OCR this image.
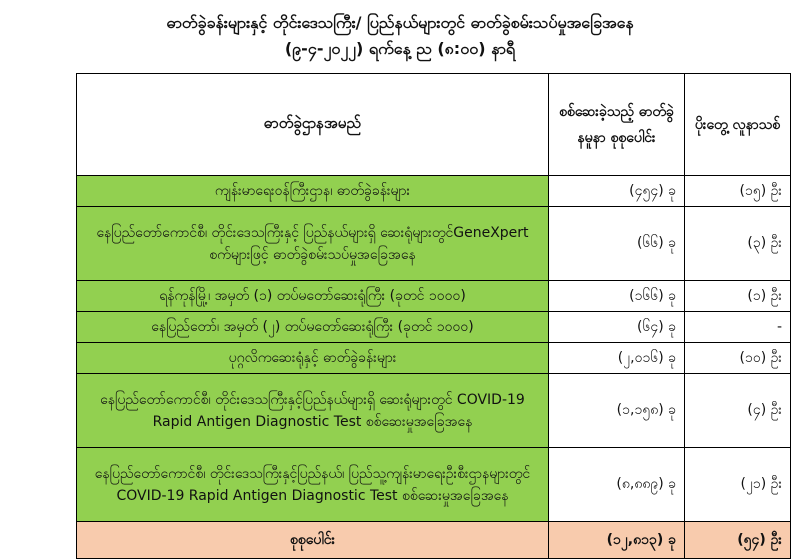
ဓာတ်ခွဲခန်းများနှင့် တိုင်းဒေသကြီး/ ပြည်နယ်များတွင် ဓာတ်ခွဲစမ်းသပ်မှုအခြေအနေ
(၉-၄-၂၀၂၂) ရက်နေ့ ည (၈:၀၀) နာရီ
ဓာတ်ခွဲဌာနအမည်	စစ်ဆေးခဲ့သည့် ဓာတ်ခွဲနမူနာ စုစုပေါင်း	ပိုးတွေ့ လူနာသစ်
ကျန်းမာရေးဝန်ကြီးဌာန၊ ဓာတ်ခွဲခန်းများ	(၄၅၄) ခု	(၁၅) ဦး
နေပြည်တော်ကောင်စီ၊ တိုင်းဒေသကြီးနှင့် ပြည်နယ်များရှိ ဆေးရုံများတွင်GeneXpert စက်များဖြင့် ဓာတ်ခွဲစမ်းသပ်မှုအခြေအနေ	(၆၆) ခု	(၃) ဦး
ရန်ကုန်မြို့၊ အမှတ် (၁) တပ်မတော်ဆေးရုံကြီး (ခုတင် ၁၀၀၀)	(၁၆၆) ခု	(၁) ဦး
နေပြည်တော်၊ အမှတ် (၂) တပ်မတော်ဆေးရုံကြီး (ခုတင် ၁၀၀၀)	(၆၄) ခု	-
ပုဂ္ဂလိကဆေးရုံနှင့် ဓာတ်ခွဲခန်းများ	(၂,၀၁၆) ခု	(၁၀) ဦး
နေပြည်တော်ကောင်စီ၊ တိုင်းဒေသကြီးနှင့်ပြည်နယ်များရှိ ဆေးရုံများတွင် COVID-19 Rapid Antigen Diagnostic Test စစ်ဆေးမှုအခြေအနေ	(၁,၁၅၈) ခု	(၄) ဦး
နေပြည်တော်ကောင်စီ၊ တိုင်းဒေသကြီးနှင့်ပြည်နယ်၊ ပြည်သူ့ကျန်းမာရေးဦးစီးဌာနများတွင် COVID-19 Rapid Antigen Diagnostic Test စစ်ဆေးမှုအခြေအနေ	(၈,၈၈၉) ခု	(၂၁) ဦး
စုစုပေါင်း	(၁၂,၈၁၃) ခု	(၅၄) ဦး
